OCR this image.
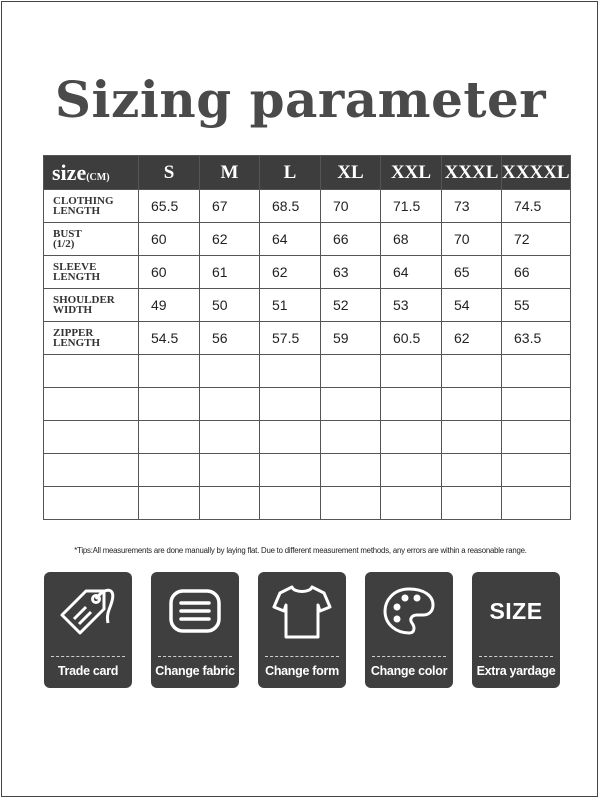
Sizing parameter
size(CM)	S	M	L	XL	XXL	XXXL	XXXXL

CLOTHING
LENGTH	65.5	67	68.5	70	71.5	73	74.5

BUST
(1/2)	60	62	64	66	68	70	72

SLEEVE
LENGTH	60	61	62	63	64	65	66

SHOULDER
WIDTH	49	50	51	52	53	54	55

ZIPPER
LENGTH	54.5	56	57.5	59	60.5	62	63.5

*Tips:All measurements are done manually by laying flat. Due to different measurement methods, any errors are within a reasonable range.
Trade card	Change fabric	Change form	Change color
SIZE
Extra yardage
